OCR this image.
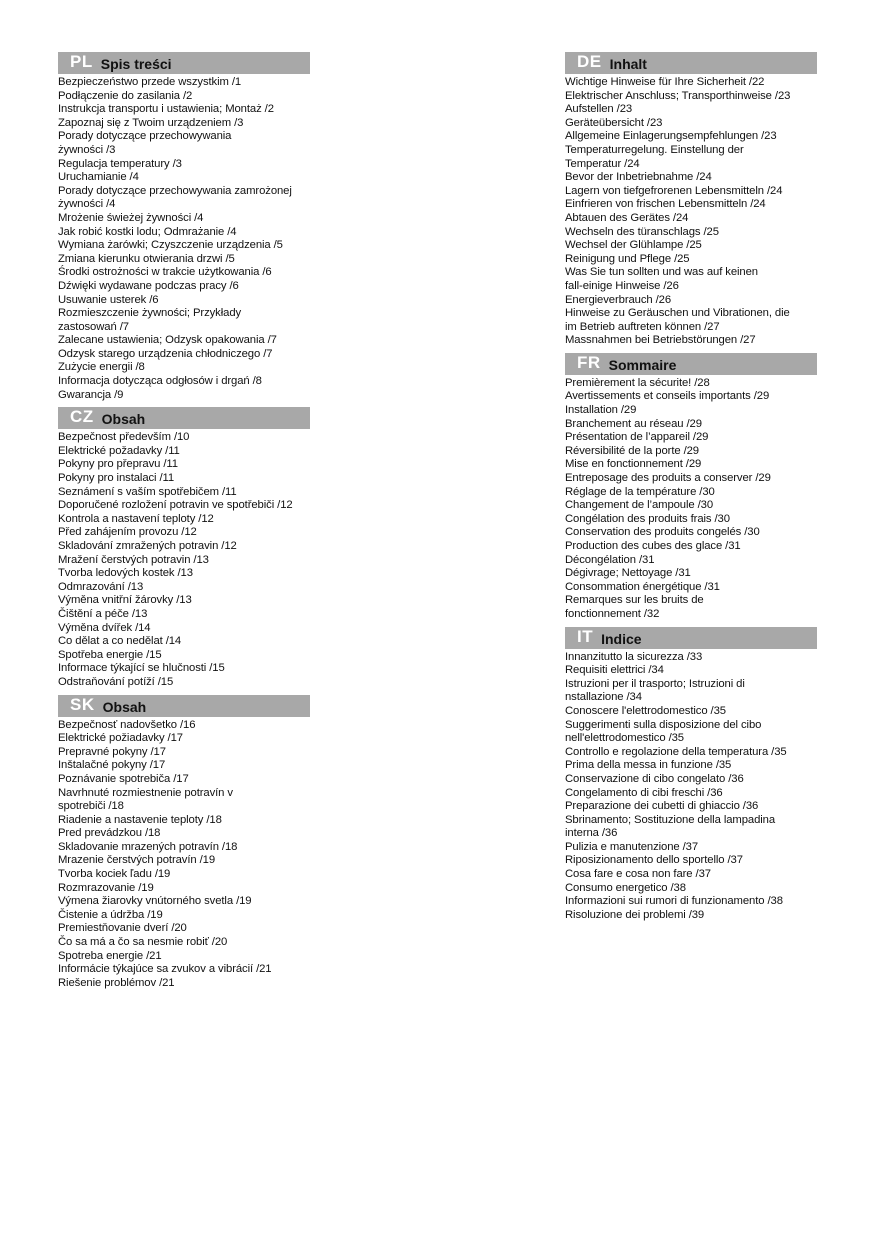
PL Spis treści
Bezpieczeństwo przede wszystkim /1
Podłączenie do zasilania /2
Instrukcja transportu i ustawienia; Montaż /2
Zapoznaj się z Twoim urządzeniem /3
Porady dotyczące przechowywania
żywności /3
Regulacja temperatury /3
Uruchamianie /4
Porady dotyczące przechowywania zamrożonej
żywności /4
Mrożenie świeżej żywności /4
Jak robić kostki lodu; Odmrażanie /4
Wymiana żarówki; Czyszczenie urządzenia /5
Zmiana kierunku otwierania drzwi /5
Środki ostrożności w trakcie użytkowania /6
Dźwięki wydawane podczas pracy /6
Usuwanie usterek /6
Rozmieszczenie żywności; Przykłady
zastosowań /7
Zalecane ustawienia; Odzysk opakowania /7
Odzysk starego urządzenia chłodniczego /7
Zużycie energii /8
Informacja dotycząca odgłosów i drgań /8
Gwarancja /9
CZ Obsah
Bezpečnost především /10
Elektrické požadavky /11
Pokyny pro přepravu /11
Pokyny pro instalaci /11
Seznámení s vaším spotřebičem /11
Doporučené rozložení potravin ve spotřebiči /12
Kontrola a nastavení teploty /12
Před zahájením provozu /12
Skladování zmražených potravin /12
Mražení čerstvých potravin /13
Tvorba ledových kostek /13
Odmrazování /13
Výměna vnitřní žárovky /13
Čištění a péče /13
Výměna dvířek /14
Co dělat a co nedělat /14
Spotřeba energie /15
Informace týkající se hlučnosti /15
Odstraňování potíží /15
SK Obsah
Bezpečnosť nadovšetko /16
Elektrické požiadavky /17
Prepravné pokyny /17
Inštalačné pokyny /17
Poznávanie spotrebiča /17
Navrhnuté rozmiestnenie potravín v
spotrebiči /18
Riadenie a nastavenie teploty /18
Pred prevádzkou /18
Skladovanie mrazených potravín /18
Mrazenie čerstvých potravín /19
Tvorba kociek ľadu /19
Rozmrazovanie /19
Výmena žiarovky vnútorného svetla /19
Čistenie a údržba /19
Premiestňovanie dverí /20
Čo sa má a čo sa nesmie robiť /20
Spotreba energie /21
Informácie týkajúce sa zvukov a vibrácií /21
Riešenie problémov /21
DE Inhalt
Wichtige Hinweise für Ihre Sicherheit /22
Elektrischer Anschluss; Transporthinweise /23
Aufstellen /23
Geräteübersicht /23
Allgemeine Einlagerungsempfehlungen /23
Temperaturregelung. Einstellung der
Temperatur /24
Bevor der Inbetriebnahme /24
Lagern von tiefgefrorenen Lebensmitteln /24
Einfrieren von frischen Lebensmitteln /24
Abtauen des Gerätes /24
Wechseln des türanschlags /25
Wechsel der Glühlampe /25
Reinigung und Pflege /25
Was Sie tun sollten und was auf keinen
fall-einige Hinweise /26
Energieverbrauch /26
Hinweise zu Geräuschen und Vibrationen, die
im Betrieb auftreten können /27
Massnahmen bei Betriebstörungen /27
FR Sommaire
Premièrement la sécurite! /28
Avertissements et conseils importants /29
Installation /29
Branchement au réseau /29
Présentation de l’appareil /29
Réversibilité de la porte /29
Mise en fonctionnement /29
Entreposage des produits a conserver /29
Réglage de la température /30
Changement de l’ampoule /30
Congélation des produits frais /30
Conservation des produits congelés /30
Production des cubes des glace /31
Décongélation /31
Dégivrage; Nettoyage /31
Consommation énergétique /31
Remarques sur les bruits de
fonctionnement /32
IT Indice
Innanzitutto la sicurezza /33
Requisiti elettrici /34
Istruzioni per il trasporto; Istruzioni di
nstallazione /34
Conoscere l'elettrodomestico /35
Suggerimenti sulla disposizione del cibo
nell'elettrodomestico /35
Controllo e regolazione della temperatura /35
Prima della messa in funzione /35
Conservazione di cibo congelato /36
Congelamento di cibi freschi /36
Preparazione dei cubetti di ghiaccio /36
Sbrinamento; Sostituzione della lampadina
interna /36
Pulizia e manutenzione /37
Riposizionamento dello sportello /37
Cosa fare e cosa non fare /37
Consumo energetico /38
Informazioni sui rumori di funzionamento /38
Risoluzione dei problemi /39
